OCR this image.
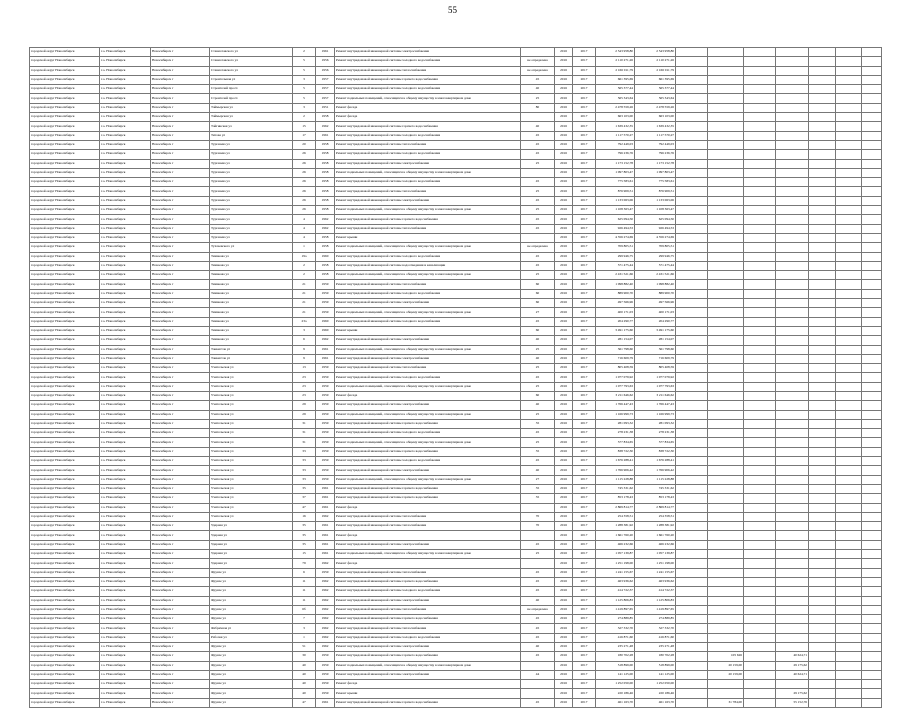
55
городской округ Новосибирск	г.о. Новосибирск	Новосибирск г	Станиславского ул	2	1961	Ремонт внутридомовой инженерной системы электроснабжения		2016	2017	2 543 958,80	2 543 958,80							
городской округ Новосибирск	г.о. Новосибирск	Новосибирск г	Станиславского ул	5	1956	Ремонт внутридомовой инженерной системы холодного водоснабжения	не определена	2016	2017	2 110 271,26	2 110 271,26							
городской округ Новосибирск	г.о. Новосибирск	Новосибирск г	Станиславского ул	5	1956	Ремонт внутридомовой инженерной системы теплоснабжения	не определена	2016	2017	2 166 011,79	2 166 011,79							
городской округ Новосибирск	г.о. Новосибирск	Новосибирск г	Строительная ул	3	1957	Ремонт внутридомовой инженерной системы горячего водоснабжения	45	2016	2017	661 395,69	661 395,69							
городской округ Новосибирск	г.о. Новосибирск	Новосибирск г	Строителей просп	5	1957	Ремонт внутридомовой инженерной системы холодного водоснабжения	40	2016	2017	565 377,44	565 377,44							
городской округ Новосибирск	г.о. Новосибирск	Новосибирск г	Строителей просп	5	1957	Ремонт подвальных помещений, относящихся к общему имуществу в многоквартирном доме	25	2016	2017	565 343,64	565 343,64							
городской округ Новосибирск	г.о. Новосибирск	Новосибирск г	Таймырская ул	3	1951	Ремонт фасада	80	2016	2017	2 478 559,26	2 478 559,26							
городской округ Новосибирск	г.о. Новосибирск	Новосибирск г	Таймырская ул	2	1958	Ремонт фасада		2016	2017	663 103,00	663 103,00							
городской округ Новосибирск	г.о. Новосибирск	Новосибирск г	Тайгинская ул	15	1962	Ремонт внутридомовой инженерной системы горячего водоснабжения	40	2016	2017	1 639 432,35	1 639 432,35							
городской округ Новосибирск	г.о. Новосибирск	Новосибирск г	Титова ул	17	1961	Ремонт внутридомовой инженерной системы холодного водоснабжения	45	2016	2017	1 117 570,27	1 117 570,27							
городской округ Новосибирск	г.о. Новосибирск	Новосибирск г	Тургенева ул	20	1958	Ремонт внутридомовой инженерной системы теплоснабжения	45	2016	2017	792 449,03	792 449,03							
городской округ Новосибирск	г.о. Новосибирск	Новосибирск г	Тургенева ул	26	1958	Ремонт внутридомовой инженерной системы холодного водоснабжения	45	2016	2017	796 236,76	796 236,76							
городской округ Новосибирск	г.о. Новосибирск	Новосибирск г	Тургенева ул	26	1958	Ремонт внутридомовой инженерной системы электроснабжения	25	2016	2017	1 173 152,78	1 173 152,78							
городской округ Новосибирск	г.о. Новосибирск	Новосибирск г	Тургенева ул	26	1958	Ремонт подвальных помещений, относящихся к общему имуществу в многоквартирном доме		2016	2017	1 097 803,47	1 097 803,47							
городской округ Новосибирск	г.о. Новосибирск	Новосибирск г	Тургенева ул	26	1958	Ремонт внутридомовой инженерной системы холодного водоснабжения	45	2016	2017	775 583,61	775 583,61							
городской округ Новосибирск	г.о. Новосибирск	Новосибирск г	Тургенева ул	26	1958	Ремонт внутридомовой инженерной системы теплоснабжения	25	2016	2017	876 909,51	876 909,51							
городской округ Новосибирск	г.о. Новосибирск	Новосибирск г	Тургенева ул	26	1958	Ремонт внутридомовой инженерной системы электроснабжения	45	2016	2017	1 133 063,06	1 133 063,06							
городской округ Новосибирск	г.о. Новосибирск	Новосибирск г	Тургенева ул	26	1958	Ремонт подвальных помещений, относящихся к общему имуществу в многоквартирном доме	25	2016	2017	1 108 363,47	1 108 363,47							
городской округ Новосибирск	г.о. Новосибирск	Новосибирск г	Тургенева ул	4	1962	Ремонт внутридомовой инженерной системы горячего водоснабжения	45	2016	2017	625 094,50	625 094,50							
городской округ Новосибирск	г.о. Новосибирск	Новосибирск г	Тургенева ул	4	1962	Ремонт внутридомовой инженерной системы теплоснабжения	45	2016	2017	926 494,53	926 494,53							
городской округ Новосибирск	г.о. Новосибирск	Новосибирск г	Тургенева ул	4	1958	Ремонт крыши		2016	2017	4 356 274,69	4 356 274,69							
городской округ Новосибирск	г.о. Новосибирск	Новосибирск г	Тухачевского ул	1	1958	Ремонт подвальных помещений, относящихся к общему имуществу в многоквартирном доме	не определена	2016	2017	709 805,51	709 805,51							
городской округ Новосибирск	г.о. Новосибирск	Новосибирск г	Тимакова ул	19а	1960	Ремонт внутридомовой инженерной системы холодного водоснабжения	45	2016	2017	299 946,75	299 946,75							
городской округ Новосибирск	г.о. Новосибирск	Новосибирск г	Тимакова ул	2	1958	Ремонт внутридомовой инженерной системы водоотведения и канализации	45	2016	2017	571 475,44	571 475,44							
городской округ Новосибирск	г.о. Новосибирск	Новосибирск г	Тимакова ул	2	1958	Ремонт подвальных помещений, относящихся к общему имуществу в многоквартирном доме	25	2016	2017	2 431 521,66	2 431 521,66							
городской округ Новосибирск	г.о. Новосибирск	Новосибирск г	Тимакова ул	21	1959	Ремонт внутридомовой инженерной системы теплоснабжения	60	2016	2017	1 098 882,40	1 098 882,40							
городской округ Новосибирск	г.о. Новосибирск	Новосибирск г	Тимакова ул	21	1959	Ремонт внутридомовой инженерной системы холодного водоснабжения	60	2016	2017	889 900,70	889 900,70							
городской округ Новосибирск	г.о. Новосибирск	Новосибирск г	Тимакова ул	21	1959	Ремонт внутридомовой инженерной системы электроснабжения	60	2016	2017	497 566,96	497 566,96							
городской округ Новосибирск	г.о. Новосибирск	Новосибирск г	Тимакова ул	21	1959	Ремонт подвальных помещений, относящихся к общему имуществу в многоквартирном доме	27	2016	2017	400 171,03	400 171,03							
городской округ Новосибирск	г.о. Новосибирск	Новосибирск г	Тимакова ул	23а	1960	Ремонт внутридомовой инженерной системы холодного водоснабжения	45	2016	2017	204 290,77	204 290,77							
городской округ Новосибирск	г.о. Новосибирск	Новосибирск г	Тимакова ул	3	1960	Ремонт крыши	60	2016	2017	3 491 175,60	3 491 175,60							
городской округ Новосибирск	г.о. Новосибирск	Новосибирск г	Тимакова ул	6	1962	Ремонт внутридомовой инженерной системы электроснабжения	40	2016	2017	281 154,07	281 154,07							
городской округ Новосибирск	г.о. Новосибирск	Новосибирск г	Танкистов ул	9	1961	Ремонт подвальных помещений, относящихся к общему имуществу в многоквартирном доме	25	2016	2017	361 798,60	361 798,60							
городской округ Новосибирск	г.о. Новосибирск	Новосибирск г	Танкистов ул	9	1961	Ремонт внутридомовой инженерной системы электроснабжения	40	2016	2017	716 609,79	716 609,79							
городской округ Новосибирск	г.о. Новосибирск	Новосибирск г	Учительская ул	13	1959	Ремонт внутридомовой инженерной системы теплоснабжения	25	2016	2017	805 408,59	805 408,59							
городской округ Новосибирск	г.о. Новосибирск	Новосибирск г	Учительская ул	23	1959	Ремонт внутридомовой инженерной системы холодного водоснабжения	45	2016	2017	1 077 079,92	1 077 079,92							
городской округ Новосибирск	г.о. Новосибирск	Новосибирск г	Учительская ул	23	1959	Ремонт подвальных помещений, относящихся к общему имуществу в многоквартирном доме	25	2016	2017	1 077 793,63	1 077 793,63							
городской округ Новосибирск	г.о. Новосибирск	Новосибирск г	Учительская ул	23	1959	Ремонт фасада	60	2016	2017	3 211 646,62	3 211 646,62							
городской округ Новосибирск	г.о. Новосибирск	Новосибирск г	Учительская ул	29	1959	Ремонт внутридомовой инженерной системы электроснабжения	40	2016	2017	1 766 447,43	1 766 447,43							
городской округ Новосибирск	г.о. Новосибирск	Новосибирск г	Учительская ул	29	1959	Ремонт подвальных помещений, относящихся к общему имуществу в многоквартирном доме	25	2016	2017	1 166 999,73	1 166 999,73							
городской округ Новосибирск	г.о. Новосибирск	Новосибирск г	Учительская ул	31	1959	Ремонт внутридомовой инженерной системы горячего водоснабжения	35	2016	2017	281 093,32	281 093,32							
городской округ Новосибирск	г.о. Новосибирск	Новосибирск г	Учительская ул	31	1959	Ремонт внутридомовой инженерной системы холодного водоснабжения	45	2016	2017	278 231,38	278 231,38							
городской округ Новосибирск	г.о. Новосибирск	Новосибирск г	Учительская ул	31	1959	Ремонт подвальных помещений, относящихся к общему имуществу в многоквартирном доме	25	2016	2017	577 834,65	577 834,65							
городской округ Новосибирск	г.о. Новосибирск	Новосибирск г	Учительская ул	33	1959	Ремонт внутридомовой инженерной системы горячего водоснабжения	35	2016	2017	838 722,30	838 722,30							
городской округ Новосибирск	г.о. Новосибирск	Новосибирск г	Учительская ул	33	1959	Ремонт внутридомовой инженерной системы холодного водоснабжения	45	2016	2017	1 676 288,41	1 676 288,41							
городской округ Новосибирск	г.о. Новосибирск	Новосибирск г	Учительская ул	33	1959	Ремонт внутридомовой инженерной системы электроснабжения	40	2016	2017	1 766 906,42	1 766 906,42							
городской округ Новосибирск	г.о. Новосибирск	Новосибирск г	Учительская ул	33	1959	Ремонт подвальных помещений, относящихся к общему имуществу в многоквартирном доме	27	2016	2017	1 115 228,88	1 115 228,88							
городской округ Новосибирск	г.о. Новосибирск	Новосибирск г	Учительская ул	35	1961	Ремонт внутридомовой инженерной системы горячего водоснабжения	35	2016	2017	745 331,62	745 331,62							
городской округ Новосибирск	г.о. Новосибирск	Новосибирск г	Учительская ул	37	1961	Ремонт внутридомовой инженерной системы горячего водоснабжения	35	2016	2017	853 178,43	853 178,43							
городской округ Новосибирск	г.о. Новосибирск	Новосибирск г	Учительская ул	47	1961	Ремонт фасада		2016	2017	2 869 814,77	2 869 814,77							
городской округ Новосибирск	г.о. Новосибирск	Новосибирск г	Учительская ул	16	1962	Ремонт внутридомовой инженерной системы теплоснабжения	70	2016	2017	254 358,51	254 358,51							
городской округ Новосибирск	г.о. Новосибирск	Новосибирск г	Ударная ул	35	1961	Ремонт внутридомовой инженерной системы теплоснабжения	70	2016	2017	1 288 381,92	1 288 381,92							
городской округ Новосибирск	г.о. Новосибирск	Новосибирск г	Ударная ул	35	1961	Ремонт фасада		2016	2017	1 661 760,20	1 661 760,20							
городской округ Новосибирск	г.о. Новосибирск	Новосибирск г	Ударная ул	35	1961	Ремонт внутридомовой инженерной системы электроснабжения	45	2016	2017	466 232,66	466 232,66							
городской округ Новосибирск	г.о. Новосибирск	Новосибирск г	Ударная ул	15	1961	Ремонт подвальных помещений, относящихся к общему имуществу в многоквартирном доме	25	2016	2017	1 057 139,87	1 057 139,87							
городской округ Новосибирск	г.о. Новосибирск	Новосибирск г	Ударная ул	79	1962	Ремонт фасада		2016	2017	1 251 198,00	1 251 198,00							
городской округ Новосибирск	г.о. Новосибирск	Новосибирск г	Фрунзе ул	6	1959	Ремонт внутридомовой инженерной системы теплоснабжения	45	2016	2017	1 241 155,67	1 241 155,67							
городской округ Новосибирск	г.о. Новосибирск	Новосибирск г	Фрунзе ул	11	1962	Ремонт внутридомовой инженерной системы горячего водоснабжения	45	2016	2017	463 936,62	463 936,62							
городской округ Новосибирск	г.о. Новосибирск	Новосибирск г	Фрунзе ул	11	1962	Ремонт внутридомовой инженерной системы холодного водоснабжения	45	2016	2017	414 722,37	414 722,37							
городской округ Новосибирск	г.о. Новосибирск	Новосибирск г	Фрунзе ул	11	1962	Ремонт внутридомовой инженерной системы электроснабжения	40	2016	2017	1 125 806,83	1 125 806,83							
городской округ Новосибирск	г.о. Новосибирск	Новосибирск г	Фрунзе ул	6б	1962	Ремонт внутридомовой инженерной системы теплоснабжения	не определена	2016	2017	1 419 897,65	1 419 897,65							
городской округ Новосибирск	г.о. Новосибирск	Новосибирск г	Фрунзе ул	7	1962	Ремонт внутридомовой инженерной системы горячего водоснабжения	45	2016	2017	274 889,85	274 889,85							
городской округ Новосибирск	г.о. Новосибирск	Новосибирск г	Фабричная ул	3	1962	Ремонт внутридомовой инженерной системы теплоснабжения	45	2016	2017	327 332,70	327 332,70							
городской округ Новосибирск	г.о. Новосибирск	Новосибирск г	Рабочая ул	1	1962	Ремонт внутридомовой инженерной системы холодного водоснабжения	45	2016	2017	416 871,60	416 871,60							
городской округ Новосибирск	г.о. Новосибирск	Новосибирск г	Фрунзе ул	51	1962	Ремонт внутридомовой инженерной системы электроснабжения	40	2016	2017	235 271,48	235 271,48							
городской округ Новосибирск	г.о. Новосибирск	Новосибирск г	Фрунзе ул	30	1959	Ремонт внутридомовой инженерной системы горячего водоснабжения	45	2016	2017	180 702,28	180 702,28		105 626		40 624,71			
городской округ Новосибирск	г.о. Новосибирск	Новосибирск г	Фрунзе ул	40	1959	Ремонт подвальных помещений, относящихся к общему имуществу в многоквартирном доме		2016	2017	518 899,00	518 899,00		20 159,00		29 175,62			
городской округ Новосибирск	г.о. Новосибирск	Новосибирск г	Фрунзе ул	40	1959	Ремонт внутридомовой инженерной системы электроснабжения	44	2016	2017	141 125,00	141 125,00		20 159,00		40 624,71			
городской округ Новосибирск	г.о. Новосибирск	Новосибирск г	Фрунзе ул	40	1959	Ремонт фасада		2016	2017	1 252 050,00	1 252 050,00							
городской округ Новосибирск	г.о. Новосибирск	Новосибирск г	Фрунзе ул	40	1959	Ремонт крыши		2016	2017	220 186,46	220 186,46				29 175,62			
городской округ Новосибирск	г.о. Новосибирск	Новосибирск г	Фрунзе ул	47	1961	Ремонт внутридомовой инженерной системы горячего водоснабжения	45	2016	2017	461 163,70	461 163,70		31 784,00		55 152,76			
